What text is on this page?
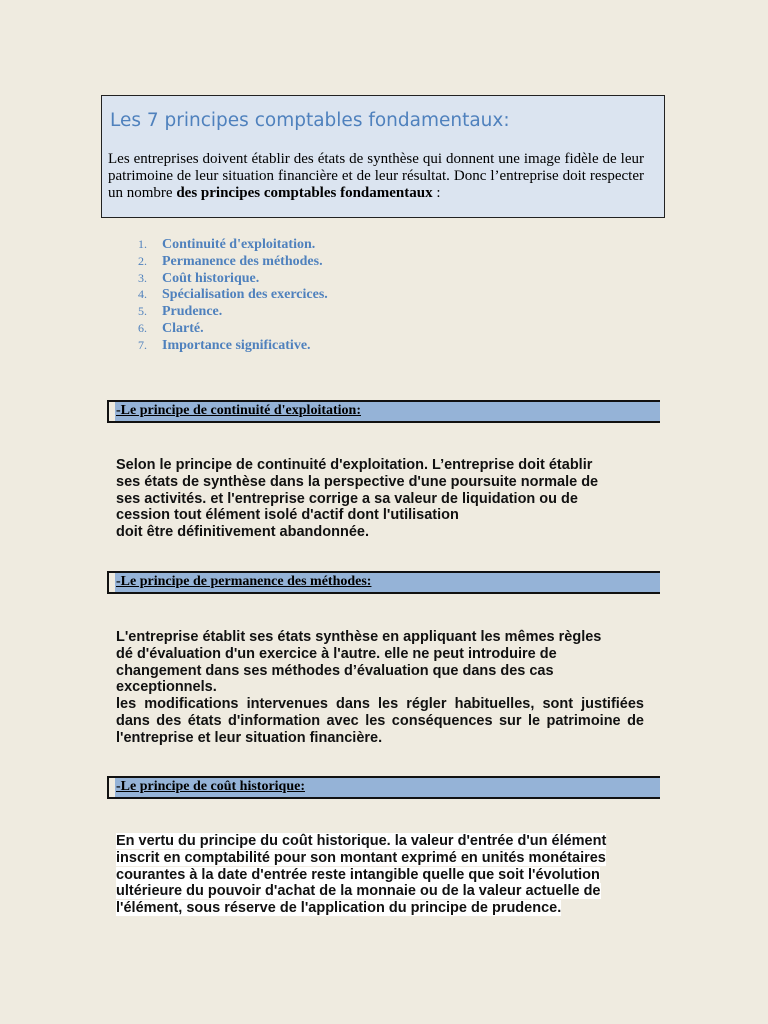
Les 7 principes comptables fondamentaux:
Les entreprises doivent établir des états de synthèse qui donnent une image fidèle de leur patrimoine de leur situation financière et de leur résultat. Donc l’entreprise doit respecter un nombre des principes comptables fondamentaux :
1. Continuité d'exploitation.
2. Permanence des méthodes.
3. Coût historique.
4. Spécialisation des exercices.
5. Prudence.
6. Clarté.
7. Importance significative.
-Le principe de continuité d'exploitation:

Selon le principe de continuité d'exploitation. L’entreprise doit établir

ses états de synthèse dans la perspective d'une poursuite normale de

ses activités. et l'entreprise corrige a sa valeur de liquidation ou de

cession tout élément isolé d'actif dont l'utilisation

doit être définitivement abandonnée.

-Le principe de permanence des méthodes:

L'entreprise établit ses états synthèse en appliquant les mêmes règles

dé d'évaluation d'un exercice à l'autre. elle ne peut introduire de

changement dans ses méthodes d’évaluation que dans des cas

exceptionnels.

les modifications intervenues dans les régler habituelles, sont justifiées dans des états d'information avec les conséquences sur le patrimoine de l'entreprise et leur situation financière.

-Le principe de coût historique:

En vertu du principe du coût historique. la valeur d'entrée d'un élément

inscrit en comptabilité pour son montant exprimé en unités monétaires

courantes à la date d'entrée reste intangible quelle que soit l'évolution

ultérieure du pouvoir d'achat de la monnaie ou de la valeur actuelle de

l'élément, sous réserve de l'application du principe de prudence.
